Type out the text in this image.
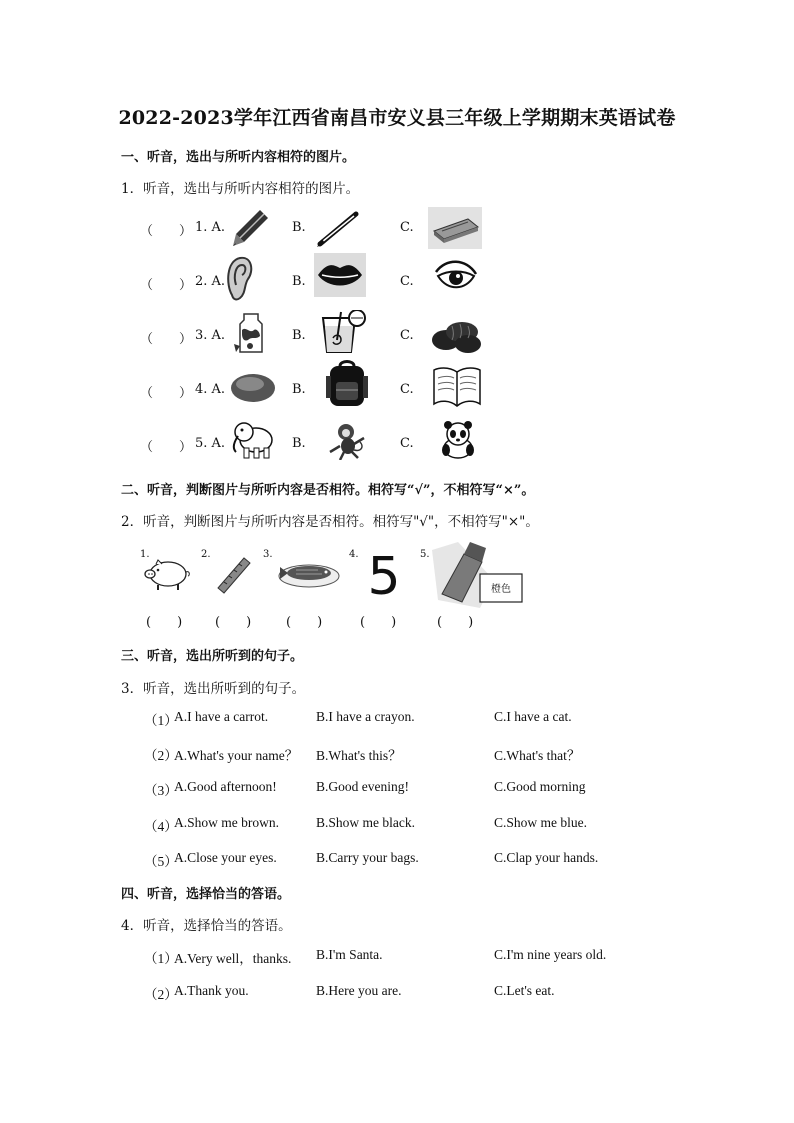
2022-2023学年江西省南昌市安义县三年级上学期期末英语试卷
一、听音，选出与所听内容相符的图片。
1．听音，选出与所听内容相符的图片。
（　　） 1. A.	B.	C.
（　　） 2. A.	B.	C.
（　　） 3. A.	B.	C.
（　　） 4. A.	B.	C.
（　　） 5. A.	B.	C.
二、听音，判断图片与所听内容是否相符。相符写“√”，不相符写“×”。
2．听音，判断图片与所听内容是否相符。相符写"√"，不相符写"×"。
1.	2.	3.	4. 5 5.
橙色
(　　)	(　　)	(　　)	(　　)	(　　)
三、听音，选出所听到的句子。
3．听音，选出所听到的句子。
（1）
A.I have a carrot.	B.I have a crayon.	C.I have a cat.
（2）
A.What's your name？ B.What's this？	C.What's that？
（3）
A.Good afternoon!	B.Good evening!	C.Good morning
（4）
A.Show me brown.	B.Show me black.	C.Show me blue.
（5）
A.Close your eyes.	B.Carry your bags.	C.Clap your hands.
四、听音，选择恰当的答语。
4．听音，选择恰当的答语。
（1）
A.Very well，thanks. B.I'm Santa.	C.I'm nine years old.
（2）
A.Thank you.	B.Here you are.	C.Let's eat.
